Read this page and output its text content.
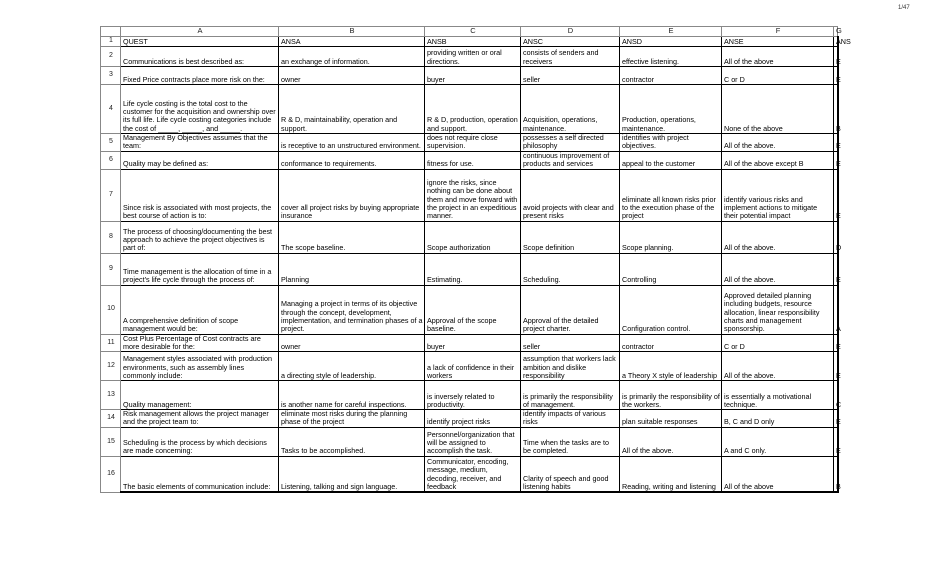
1/47
	A	B	C	D	E	F	G
1	QUEST	ANSA	ANSB	ANSC	ANSD	ANSE	ANS
2	Communications is best described as:	an exchange of information.	providing written or oral directions.	consists of senders and receivers	effective listening.	All of the above	E
3	Fixed Price contracts place more risk on the:	owner	buyer	seller	contractor	C or D	E
4	Life cycle costing is the total cost to the customer for the acquisition and ownership over its full life. Life cycle costing categories include the cost of _____, _____, and _____.	R & D, maintainability, operation and support.	R & D, production, operation and support.	Acquisition, operations, maintenance.	Production, operations, maintenance.	None of the above	B
5	Management By Objectives assumes that the team:	is receptive to an unstructured environment.	does not require close supervision.	possesses a self directed philosophy	identifies with project objectives.	All of the above.	E
6	Quality may be defined as:	conformance to requirements.	fitness for use.	continuous improvement of products and services	appeal to the customer	All of the above except B	E
7	Since risk is associated with most projects, the best course of action is to:	cover all project risks by buying appropriate insurance	ignore the risks, since nothing can be done about them and move forward with the project in an expeditious manner.	avoid projects with clear and present risks	eliminate all known risks prior to the execution phase of the project	identify various risks and implement actions to mitigate their potential impact	E
8	The process of choosing/documenting the best approach to achieve the project objectives is part of:	The scope baseline.	Scope authorization	Scope definition	Scope planning.	All of the above.	D
9	Time management is the allocation of time in a project's life cycle through the process of:	Planning	Estimating.	Scheduling.	Controlling	All of the above.	E
10	A comprehensive definition of scope management would be:	Managing a project in terms of its objective through the concept, development, implementation, and termination phases of a project.	Approval of the scope baseline.	Approval of the detailed project charter.	Configuration control.	Approved detailed planning including budgets, resource allocation, linear responsibility charts and management sponsorship.	A
11	Cost Plus Percentage of Cost contracts are more desirable for the:	owner	buyer	seller	contractor	C or D	E
12	Management styles associated with production environments, such as assembly lines commonly include:	a directing style of leadership.	a lack of confidence in their workers	assumption that workers lack ambition and dislike responsibility	a Theory X style of leadership	All of the above.	E
13	Quality management:	is another name for careful inspections.	is inversely related to productivity.	is primarily the responsibility of management.	is primarily the responsibility of the workers.	is essentially a motivational technique.	C
14	Risk management allows the project manager and the project team to:	eliminate most risks during the planning phase of the project	identify project risks	identify impacts of various risks	plan suitable responses	B, C and D only	E
15	Scheduling is the process by which decisions are made concerning:	Tasks to be accomplished.	Personnel/organization that will be assigned to accomplish the task.	Time when the tasks are to be completed.	All of the above.	A and C only.	E
16	The basic elements of communication include:	Listening, talking and sign language.	Communicator, encoding, message, medium, decoding, receiver, and feedback	Clarity of speech and good listening habits	Reading, writing and listening	All of the above	B
